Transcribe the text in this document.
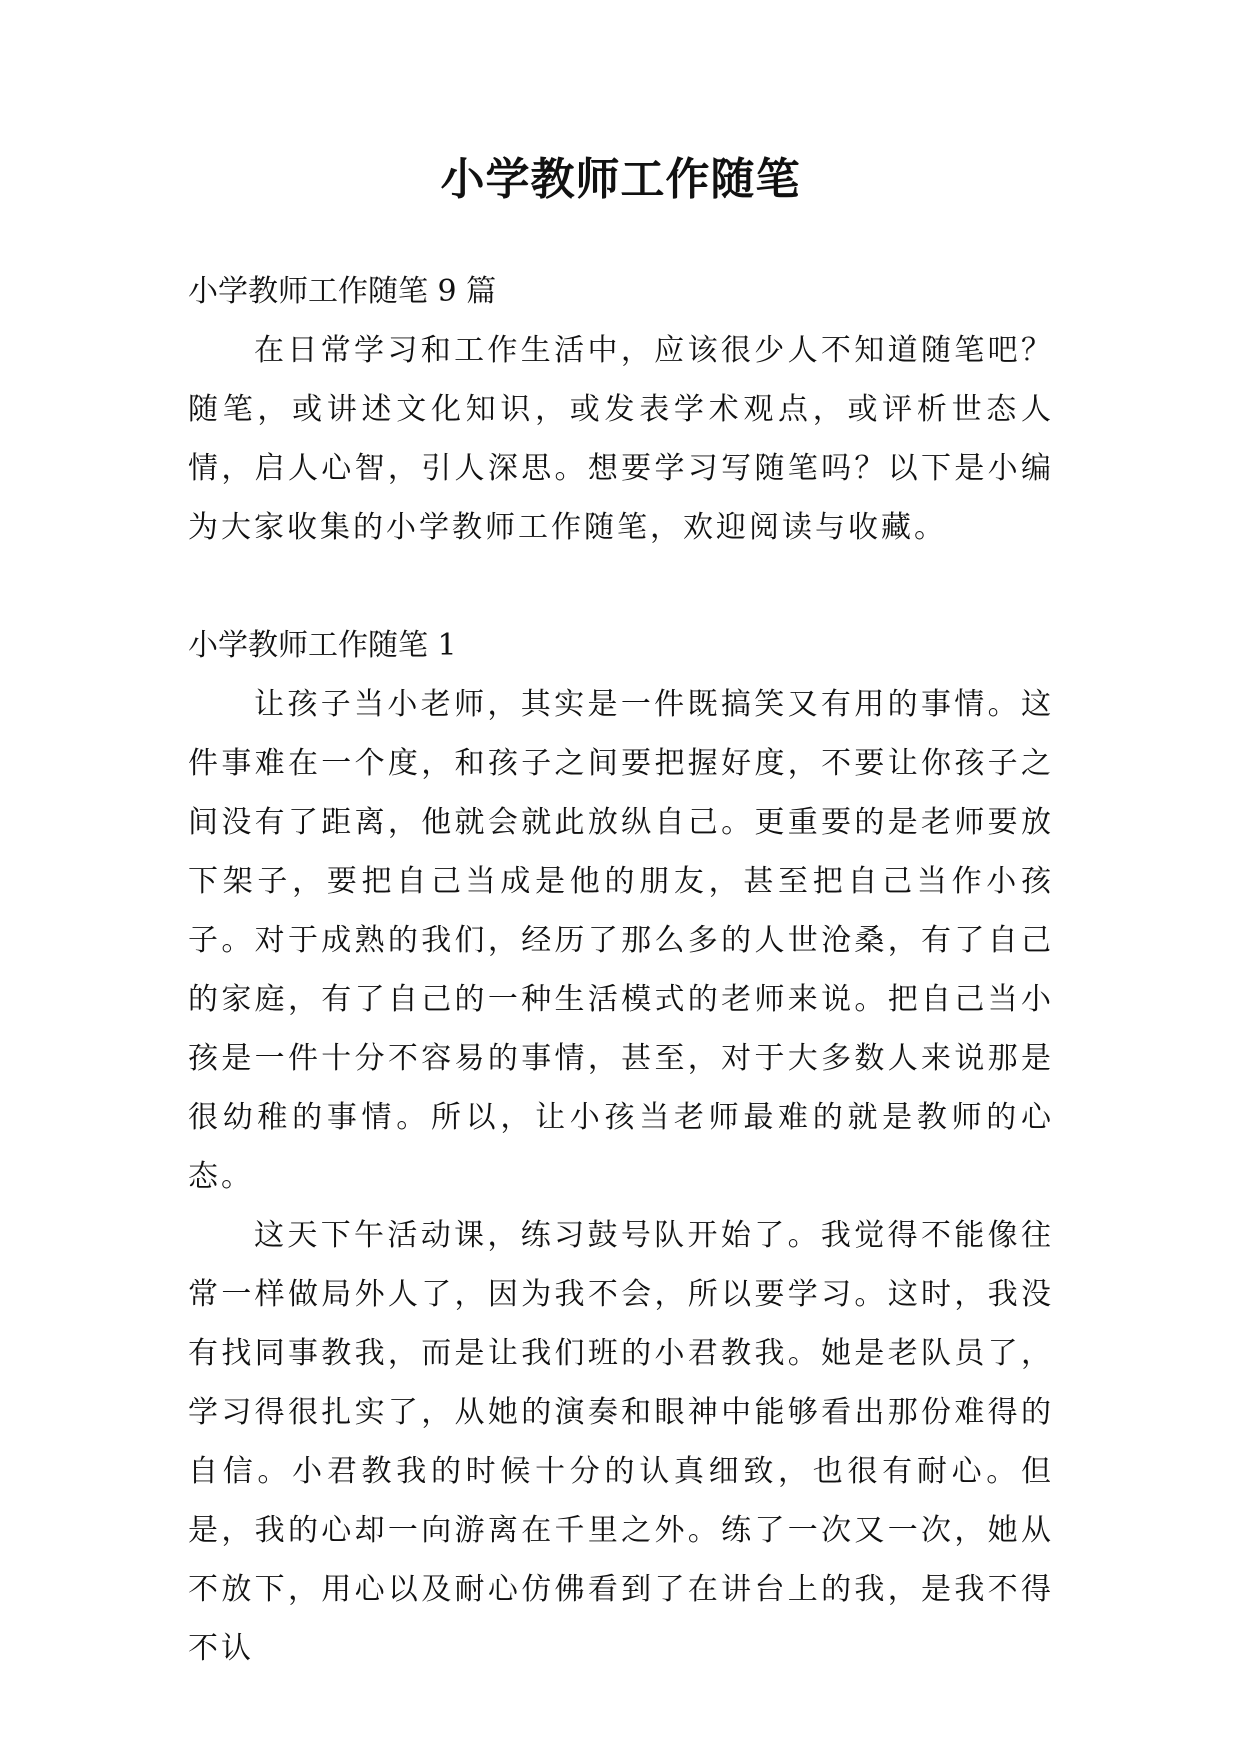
小学教师工作随笔

小学教师工作随笔 9 篇

在日常学习和工作生活中，应该很少人不知道随笔吧？随笔，或讲述文化知识，或发表学术观点，或评析世态人情，启人心智，引人深思。想要学习写随笔吗？以下是小编为大家收集的小学教师工作随笔，欢迎阅读与收藏。

小学教师工作随笔 1

让孩子当小老师，其实是一件既搞笑又有用的事情。这件事难在一个度，和孩子之间要把握好度，不要让你孩子之间没有了距离，他就会就此放纵自己。更重要的是老师要放下架子，要把自己当成是他的朋友，甚至把自己当作小孩子。对于成熟的我们，经历了那么多的人世沧桑，有了自己的家庭，有了自己的一种生活模式的老师来说。把自己当小孩是一件十分不容易的事情，甚至，对于大多数人来说那是很幼稚的事情。所以，让小孩当老师最难的就是教师的心态。

这天下午活动课，练习鼓号队开始了。我觉得不能像往常一样做局外人了，因为我不会，所以要学习。这时，我没有找同事教我，而是让我们班的小君教我。她是老队员了，学习得很扎实了，从她的演奏和眼神中能够看出那份难得的自信。小君教我的时候十分的认真细致，也很有耐心。但是，我的心却一向游离在千里之外。练了一次又一次，她从不放下，用心以及耐心仿佛看到了在讲台上的我，是我不得不认
